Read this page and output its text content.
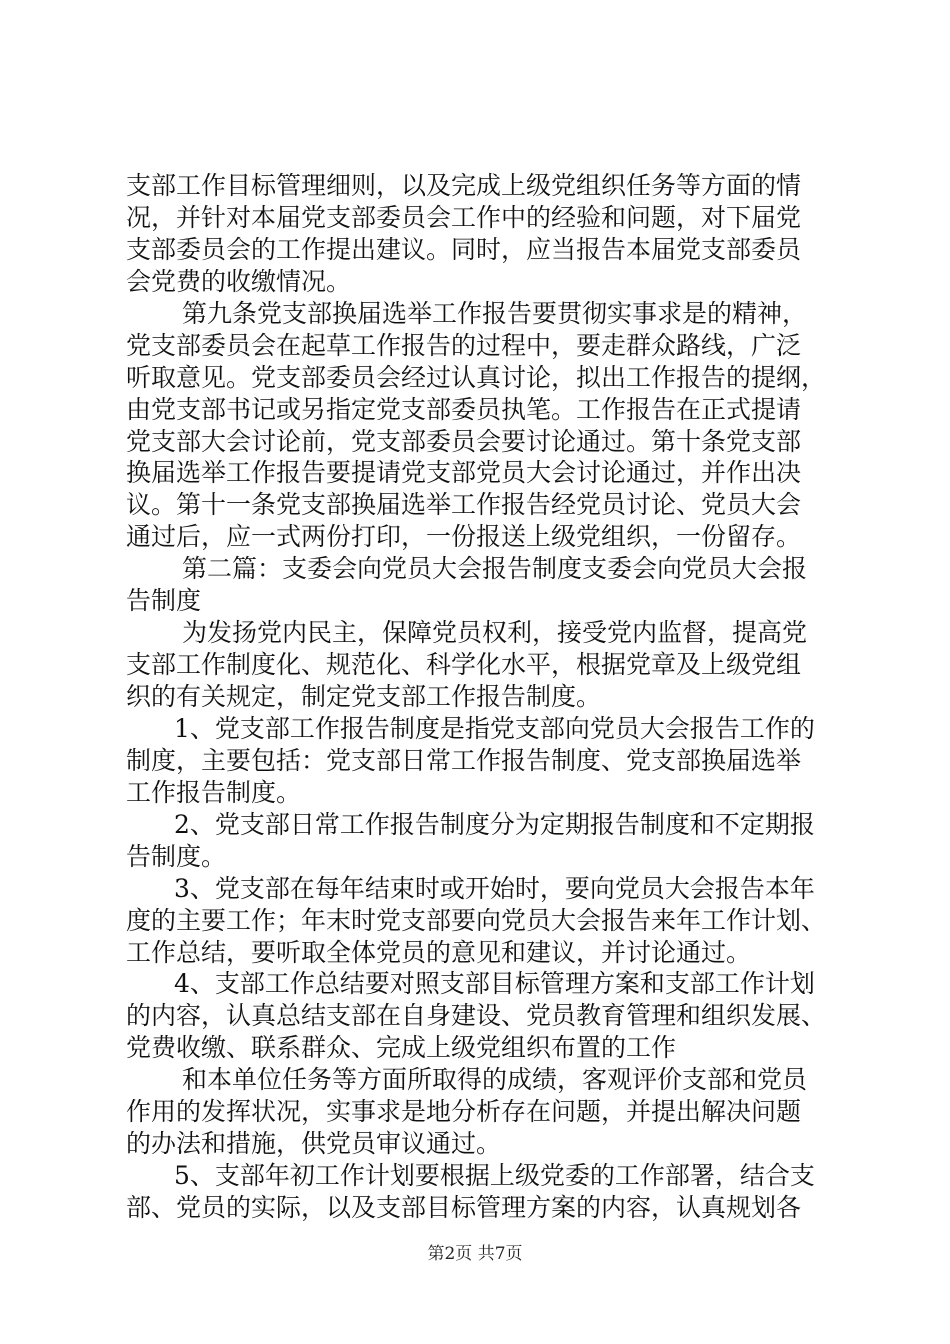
支部工作目标管理细则，以及完成上级党组织任务等方面的情
况，并针对本届党支部委员会工作中的经验和问题，对下届党
支部委员会的工作提出建议。同时，应当报告本届党支部委员
会党费的收缴情况。
第九条党支部换届选举工作报告要贯彻实事求是的精神，
党支部委员会在起草工作报告的过程中，要走群众路线，广泛
听取意见。党支部委员会经过认真讨论，拟出工作报告的提纲，
由党支部书记或另指定党支部委员执笔。工作报告在正式提请
党支部大会讨论前，党支部委员会要讨论通过。第十条党支部
换届选举工作报告要提请党支部党员大会讨论通过，并作出决
议。第十一条党支部换届选举工作报告经党员讨论、党员大会
通过后，应一式两份打印，一份报送上级党组织，一份留存。
第二篇：支委会向党员大会报告制度支委会向党员大会报
告制度
为发扬党内民主，保障党员权利，接受党内监督，提高党
支部工作制度化、规范化、科学化水平，根据党章及上级党组
织的有关规定，制定党支部工作报告制度。
1、党支部工作报告制度是指党支部向党员大会报告工作的
制度，主要包括：党支部日常工作报告制度、党支部换届选举
工作报告制度。
2、党支部日常工作报告制度分为定期报告制度和不定期报
告制度。
3、党支部在每年结束时或开始时，要向党员大会报告本年
度的主要工作；年末时党支部要向党员大会报告来年工作计划、
工作总结，要听取全体党员的意见和建议，并讨论通过。
4、支部工作总结要对照支部目标管理方案和支部工作计划
的内容，认真总结支部在自身建设、党员教育管理和组织发展、
党费收缴、联系群众、完成上级党组织布置的工作
和本单位任务等方面所取得的成绩，客观评价支部和党员
作用的发挥状况，实事求是地分析存在问题，并提出解决问题
的办法和措施，供党员审议通过。
5、支部年初工作计划要根据上级党委的工作部署，结合支
部、党员的实际，以及支部目标管理方案的内容，认真规划各
第2页 共7页
